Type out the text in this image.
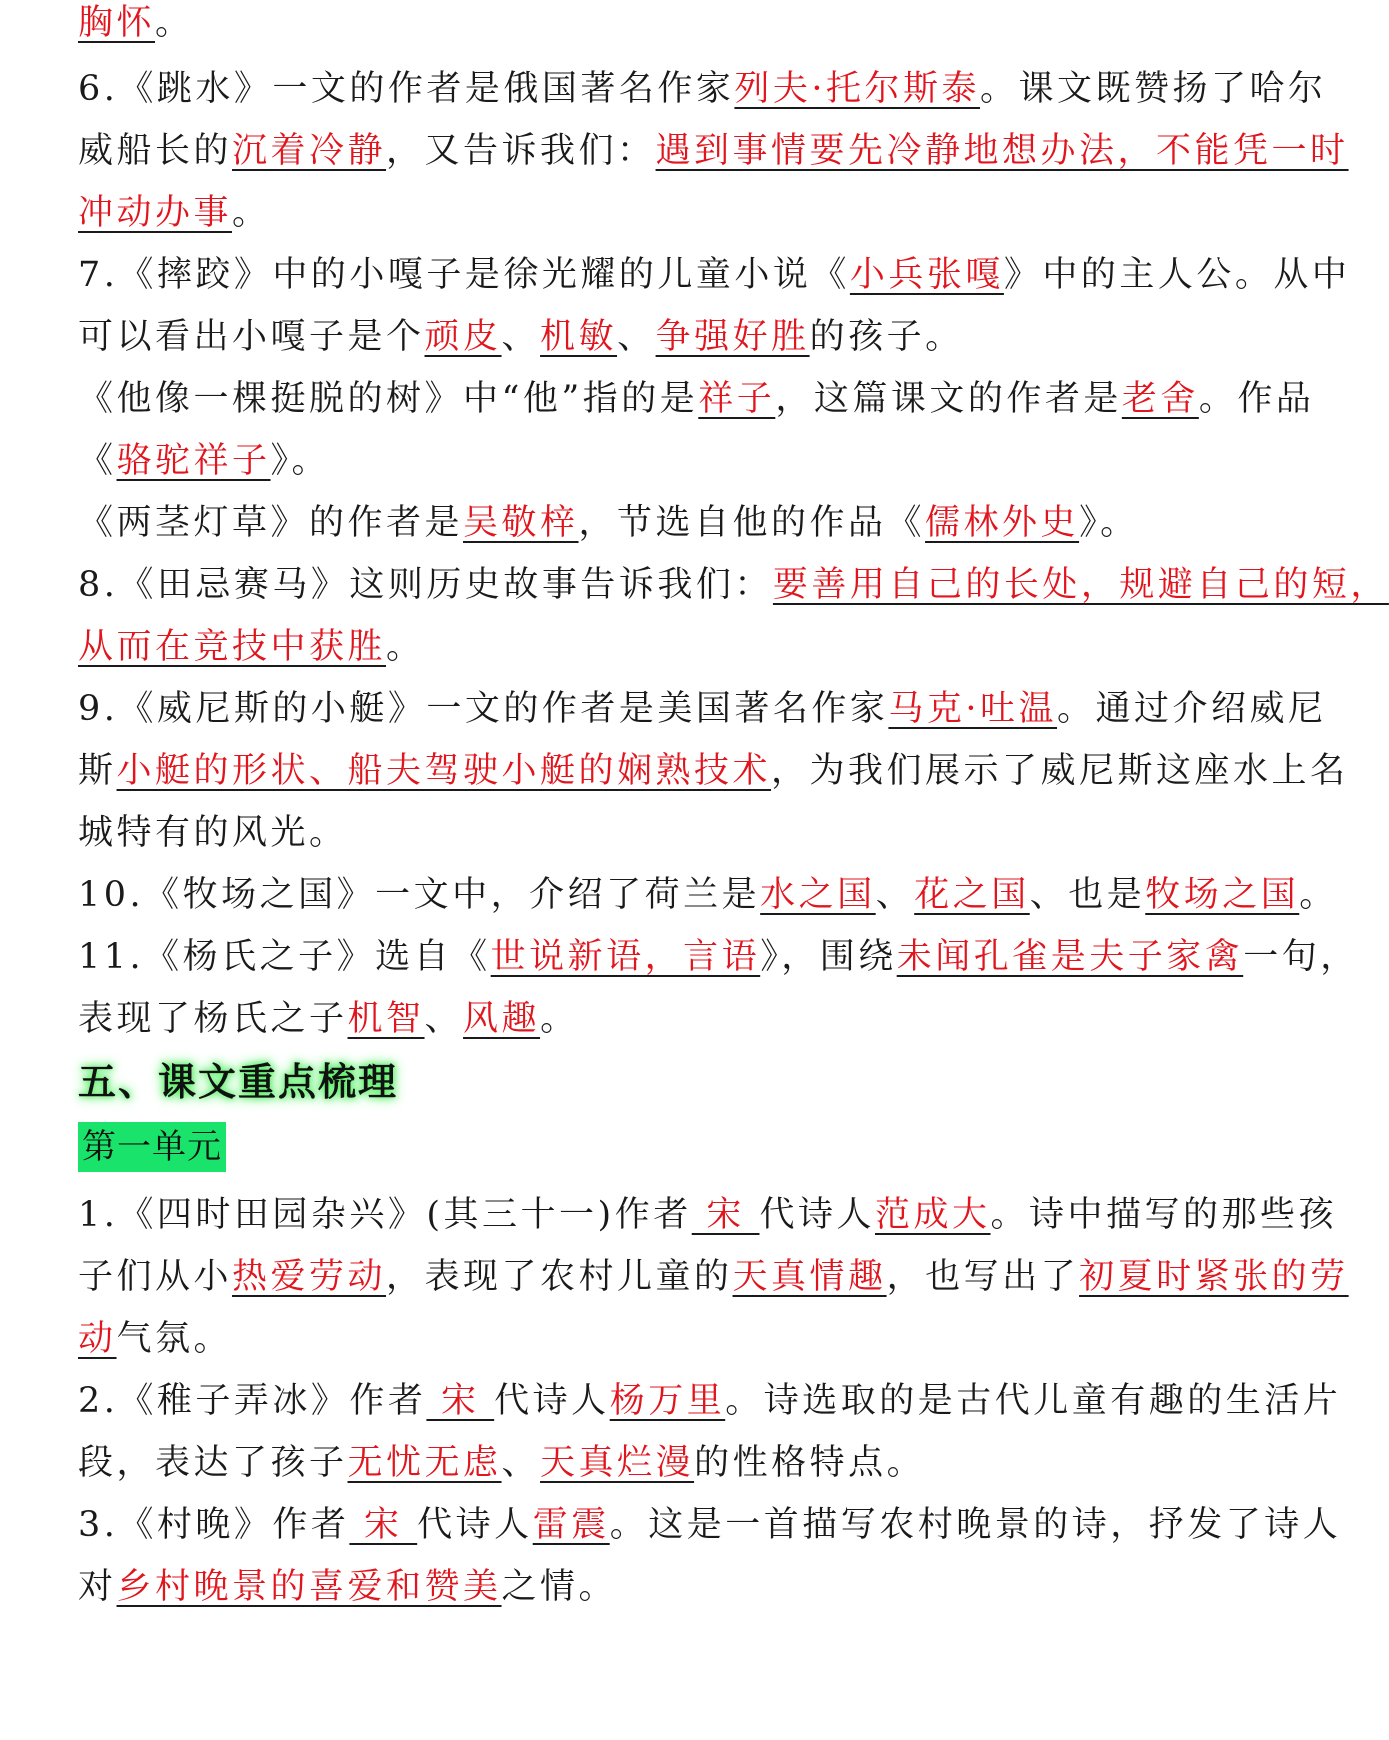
胸怀。
6.《跳水》一文的作者是俄国著名作家列夫·托尔斯泰。课文既赞扬了哈尔
威船长的沉着冷静，又告诉我们：遇到事情要先冷静地想办法，不能凭一时
冲动办事。
7.《摔跤》中的小嘎子是徐光耀的儿童小说《小兵张嘎》中的主人公。从中
可以看出小嘎子是个顽皮、机敏、争强好胜的孩子。
《他像一棵挺脱的树》中“他”指的是祥子，这篇课文的作者是老舍。作品
《骆驼祥子》。
《两茎灯草》的作者是吴敬梓，节选自他的作品《儒林外史》。
8.《田忌赛马》这则历史故事告诉我们：要善用自己的长处，规避自己的短，
从而在竞技中获胜。
9.《威尼斯的小艇》一文的作者是美国著名作家马克·吐温。通过介绍威尼
斯小艇的形状、船夫驾驶小艇的娴熟技术，为我们展示了威尼斯这座水上名
城特有的风光。
10.《牧场之国》一文中，介绍了荷兰是水之国、花之国、也是牧场之国。
11.《杨氏之子》选自《世说新语，言语》，围绕未闻孔雀是夫子家禽一句，
表现了杨氏之子机智、风趣。
五、课文重点梳理
第一单元
1.《四时田园杂兴》(其三十一)作者 宋 代诗人范成大。诗中描写的那些孩
子们从小热爱劳动，表现了农村儿童的天真情趣，也写出了初夏时紧张的劳
动气氛。
2.《稚子弄冰》作者 宋 代诗人杨万里。诗选取的是古代儿童有趣的生活片
段，表达了孩子无忧无虑、天真烂漫的性格特点。
3.《村晚》作者 宋 代诗人雷震。这是一首描写农村晚景的诗，抒发了诗人
对乡村晚景的喜爱和赞美之情。
